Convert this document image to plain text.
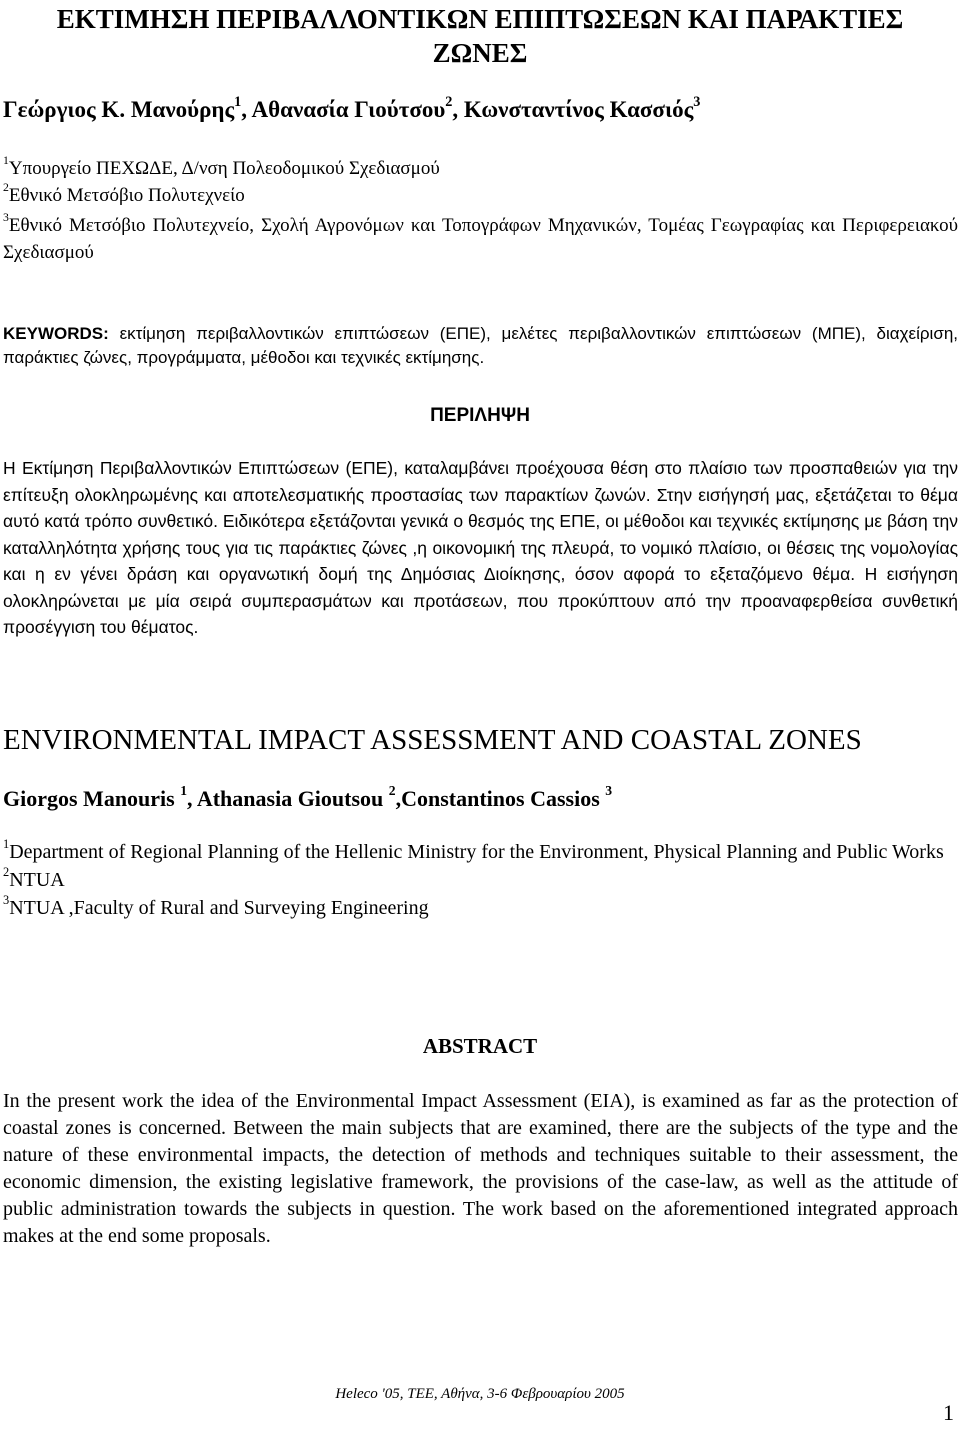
ΕΚΤΙΜΗΣΗ ΠΕΡΙΒΑΛΛΟΝΤΙΚΩΝ ΕΠΙΠΤΩΣΕΩΝ ΚΑΙ ΠΑΡΑΚΤΙΕΣ
ΖΩΝΕΣ
Γεώργιος Κ. Μανούρης$^1$, Αθανασία Γιούτσου$^2$, Κωνσταντίνος Κασσιός$^3$
$^1$Υπουργείο ΠΕΧΩΔΕ, Δ/νση Πολεοδομικού Σχεδιασμού
$^2$Εθνικό Μετσόβιο Πολυτεχνείο
$^3$Εθνικό Μετσόβιο Πολυτεχνείο, Σχολή Αγρονόμων και Τοπογράφων Μηχανικών, Τομέας Γεωγραφίας και Περιφερειακού Σχεδιασμού
KEYWORDS: εκτίμηση περιβαλλοντικών επιπτώσεων (ΕΠΕ), μελέτες περιβαλλοντικών επιπτώσεων (ΜΠΕ), διαχείριση, παράκτιες ζώνες, προγράμματα, μέθοδοι και τεχνικές εκτίμησης.
ΠΕΡΙΛΗΨΗ
Η Εκτίμηση Περιβαλλοντικών Επιπτώσεων (ΕΠΕ), καταλαμβάνει προέχουσα θέση στο πλαίσιο των προσπαθειών για την επίτευξη ολοκληρωμένης και αποτελεσματικής προστασίας των παρακτίων ζωνών. Στην εισήγησή μας, εξετάζεται το θέμα αυτό κατά τρόπο συνθετικό. Ειδικότερα εξετάζονται γενικά ο θεσμός της ΕΠΕ, οι μέθοδοι και τεχνικές εκτίμησης με βάση την καταλληλότητα χρήσης τους για τις παράκτιες ζώνες ,η οικονομική της πλευρά, το νομικό πλαίσιο, οι θέσεις της νομολογίας και η εν γένει δράση και οργανωτική δομή της Δημόσιας Διοίκησης, όσον αφορά το εξεταζόμενο θέμα. Η εισήγηση ολοκληρώνεται με μία σειρά συμπερασμάτων και προτάσεων, που προκύπτουν από την προαναφερθείσα συνθετική προσέγγιση του θέματος.
ENVIRONMENTAL IMPACT ASSESSMENT AND COASTAL ZONES
Giorgos Manouris $^1$, Athanasia Gioutsou $^2$,Constantinos Cassios $^3$
$^1$Department of Regional Planning of the Hellenic Ministry for the Environment, Physical Planning and Public Works
$^2$NTUA
$^3$NTUA ,Faculty of Rural and Surveying Engineering
ABSTRACT
In the present work the idea of the Environmental Impact Assessment (EIA), is examined as far as the protection of coastal zones is concerned. Between the main subjects that are examined, there are the subjects of the type and the nature of these environmental impacts, the detection of methods and techniques suitable to their assessment, the economic dimension, the existing legislative framework, the provisions of the case-law, as well as the attitude of public administration towards the subjects in question. The work based on the aforementioned integrated approach makes at the end some proposals.
Heleco '05, ΤΕΕ, Αθήνα, 3-6 Φεβρουαρίου 2005
1
